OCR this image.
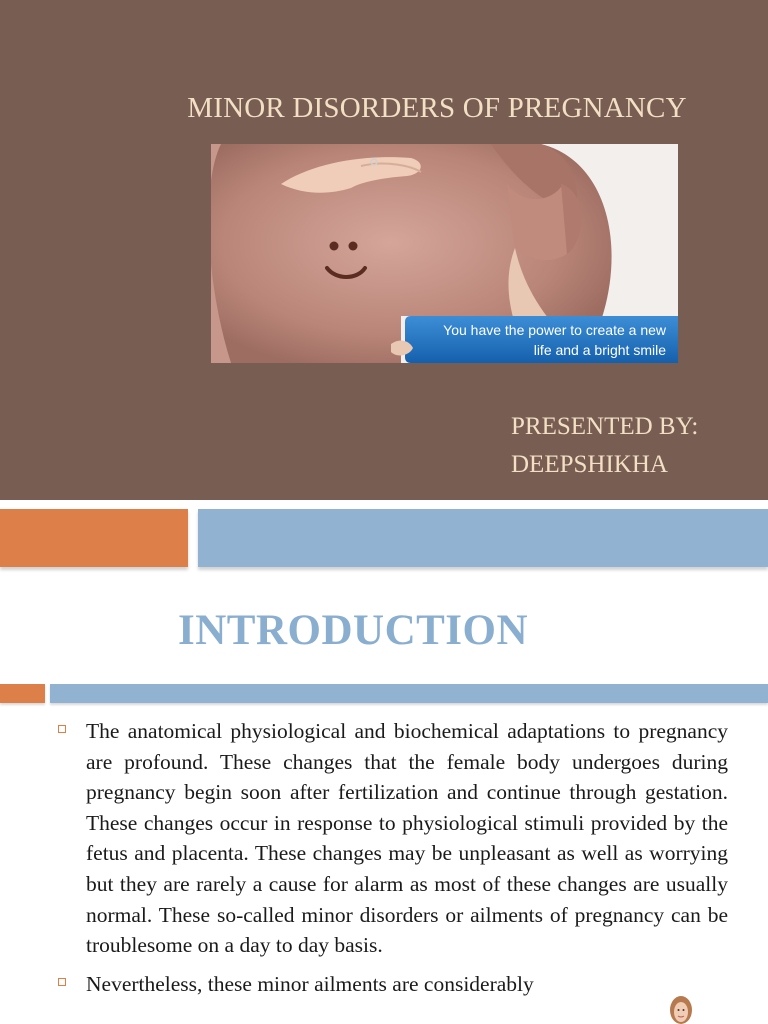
MINOR DISORDERS OF PREGNANCY
You have the power to create a new
life and a bright smile
PRESENTED BY:
DEEPSHIKHA
INTRODUCTION
The anatomical physiological and biochemical adaptations to pregnancy are profound. These changes that the female body undergoes during pregnancy begin soon after fertilization and continue through gestation. These changes occur in response to physiological stimuli provided by the fetus and placenta. These changes may be unpleasant as well as worrying but they are rarely a cause for alarm as most of these changes are usually normal. These so-called minor disorders or ailments of pregnancy can be troublesome on a day to day basis.
Nevertheless, these minor ailments are considerably
